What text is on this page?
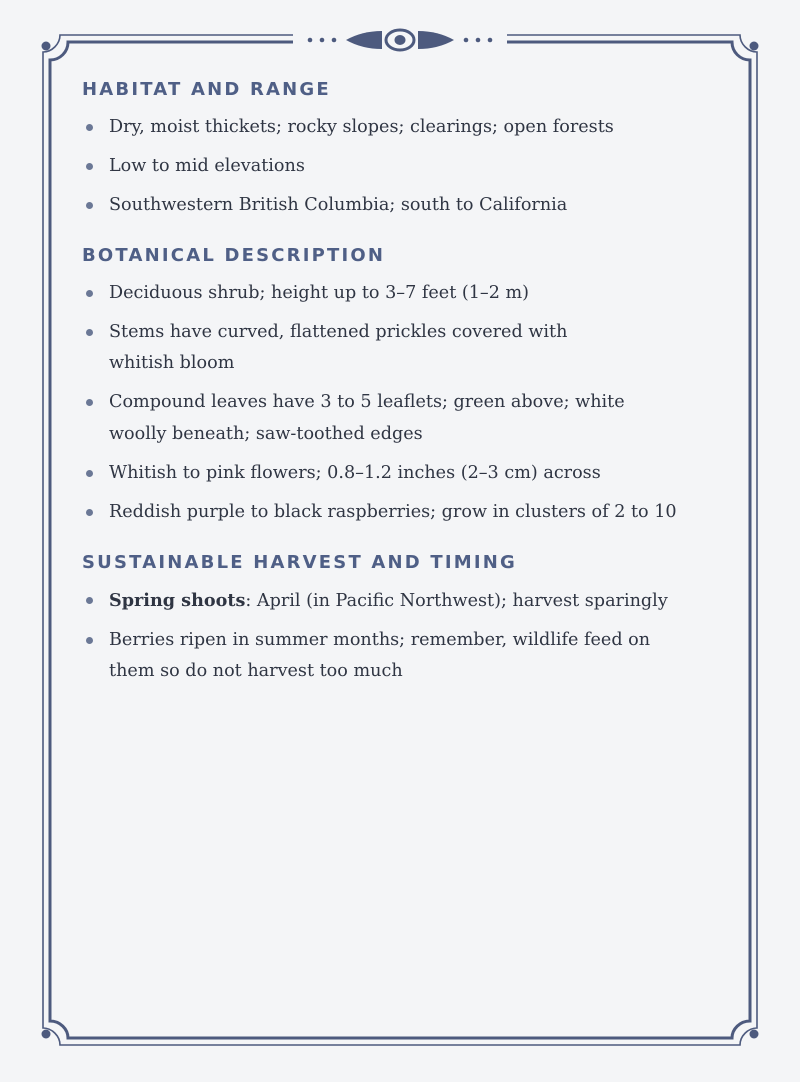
HABITAT AND RANGE
Dry, moist thickets; rocky slopes; clearings; open forests
Low to mid elevations
Southwestern British Columbia; south to California
BOTANICAL DESCRIPTION
Deciduous shrub; height up to 3–7 feet (1–2 m)
Stems have curved, flattened prickles covered with whitish bloom
Compound leaves have 3 to 5 leaflets; green above; white woolly beneath; saw-toothed edges
Whitish to pink flowers; 0.8–1.2 inches (2–3 cm) across
Reddish purple to black raspberries; grow in clusters of 2 to 10
SUSTAINABLE HARVEST AND TIMING
Spring shoots: April (in Pacific Northwest); harvest sparingly
Berries ripen in summer months; remember, wildlife feed on them so do not harvest too much
